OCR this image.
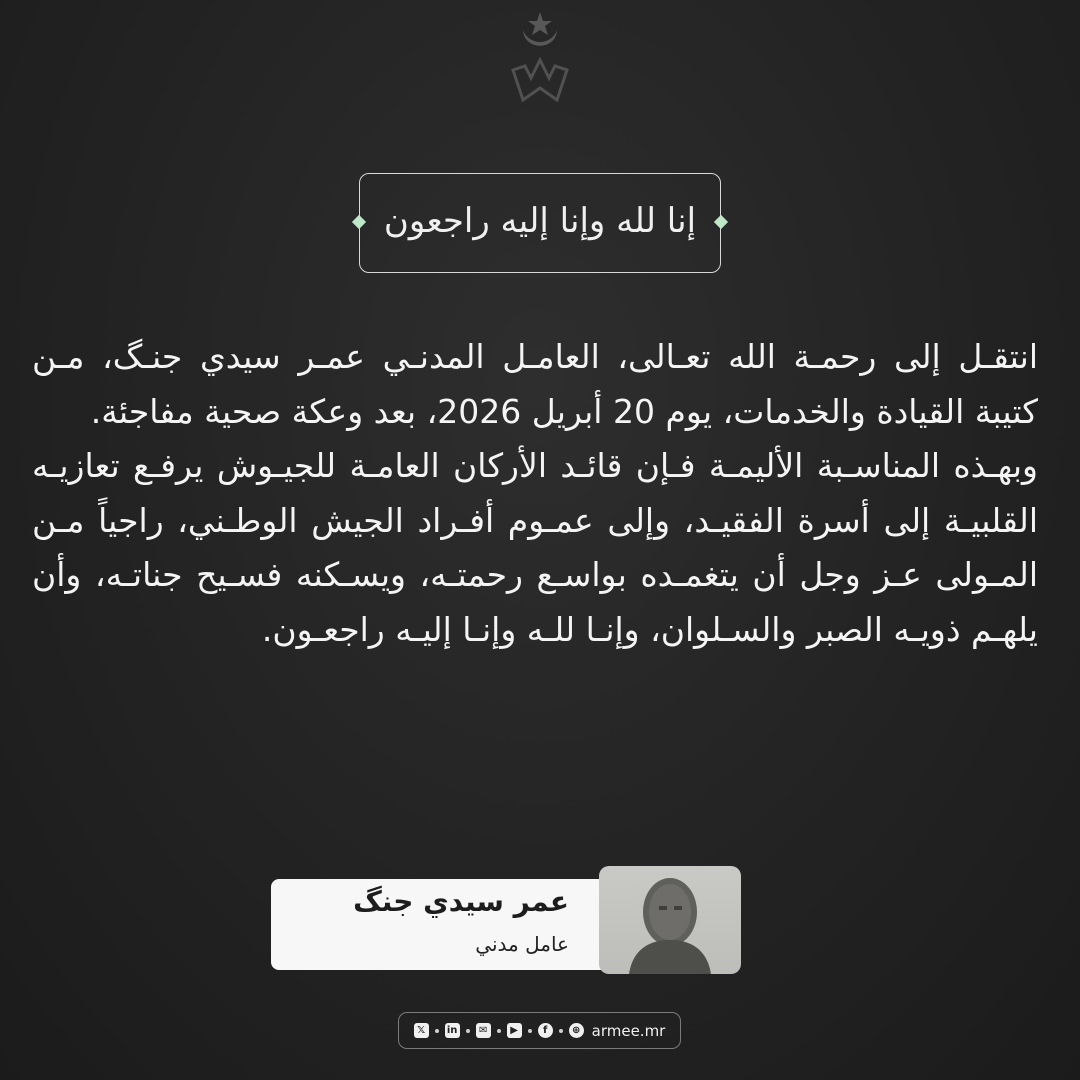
إنا لله وإنا إليه راجعون
انتقـل إلى رحمـة الله تعـالى، العامـل المدنـي عمـر سيدي جنـگ، مـن كتيبة القيادة والخدمات، يوم 20 أبريل 2026، بعد وعكة صحية مفاجئة.
وبهـذه المناسـبة الأليمـة فـإن قائـد الأركان العامـة للجيـوش يرفـع تعازيـه القلبيـة إلى أسرة الفقيـد، وإلى عمـوم أفـراد الجيش الوطـني، راجياً مـن المـولى عـز وجل أن يتغمـده بواسـع رحمتـه، ويسـكنه فسـيح جناتـه، وأن يلهـم ذويـه الصبر والسـلوان، وإنـا للـه وإنـا إليـه راجعـون.
عمر سيدي جنگ
عامل مدني
𝕏	in	✉	▶	f	⊕ armee.mr
